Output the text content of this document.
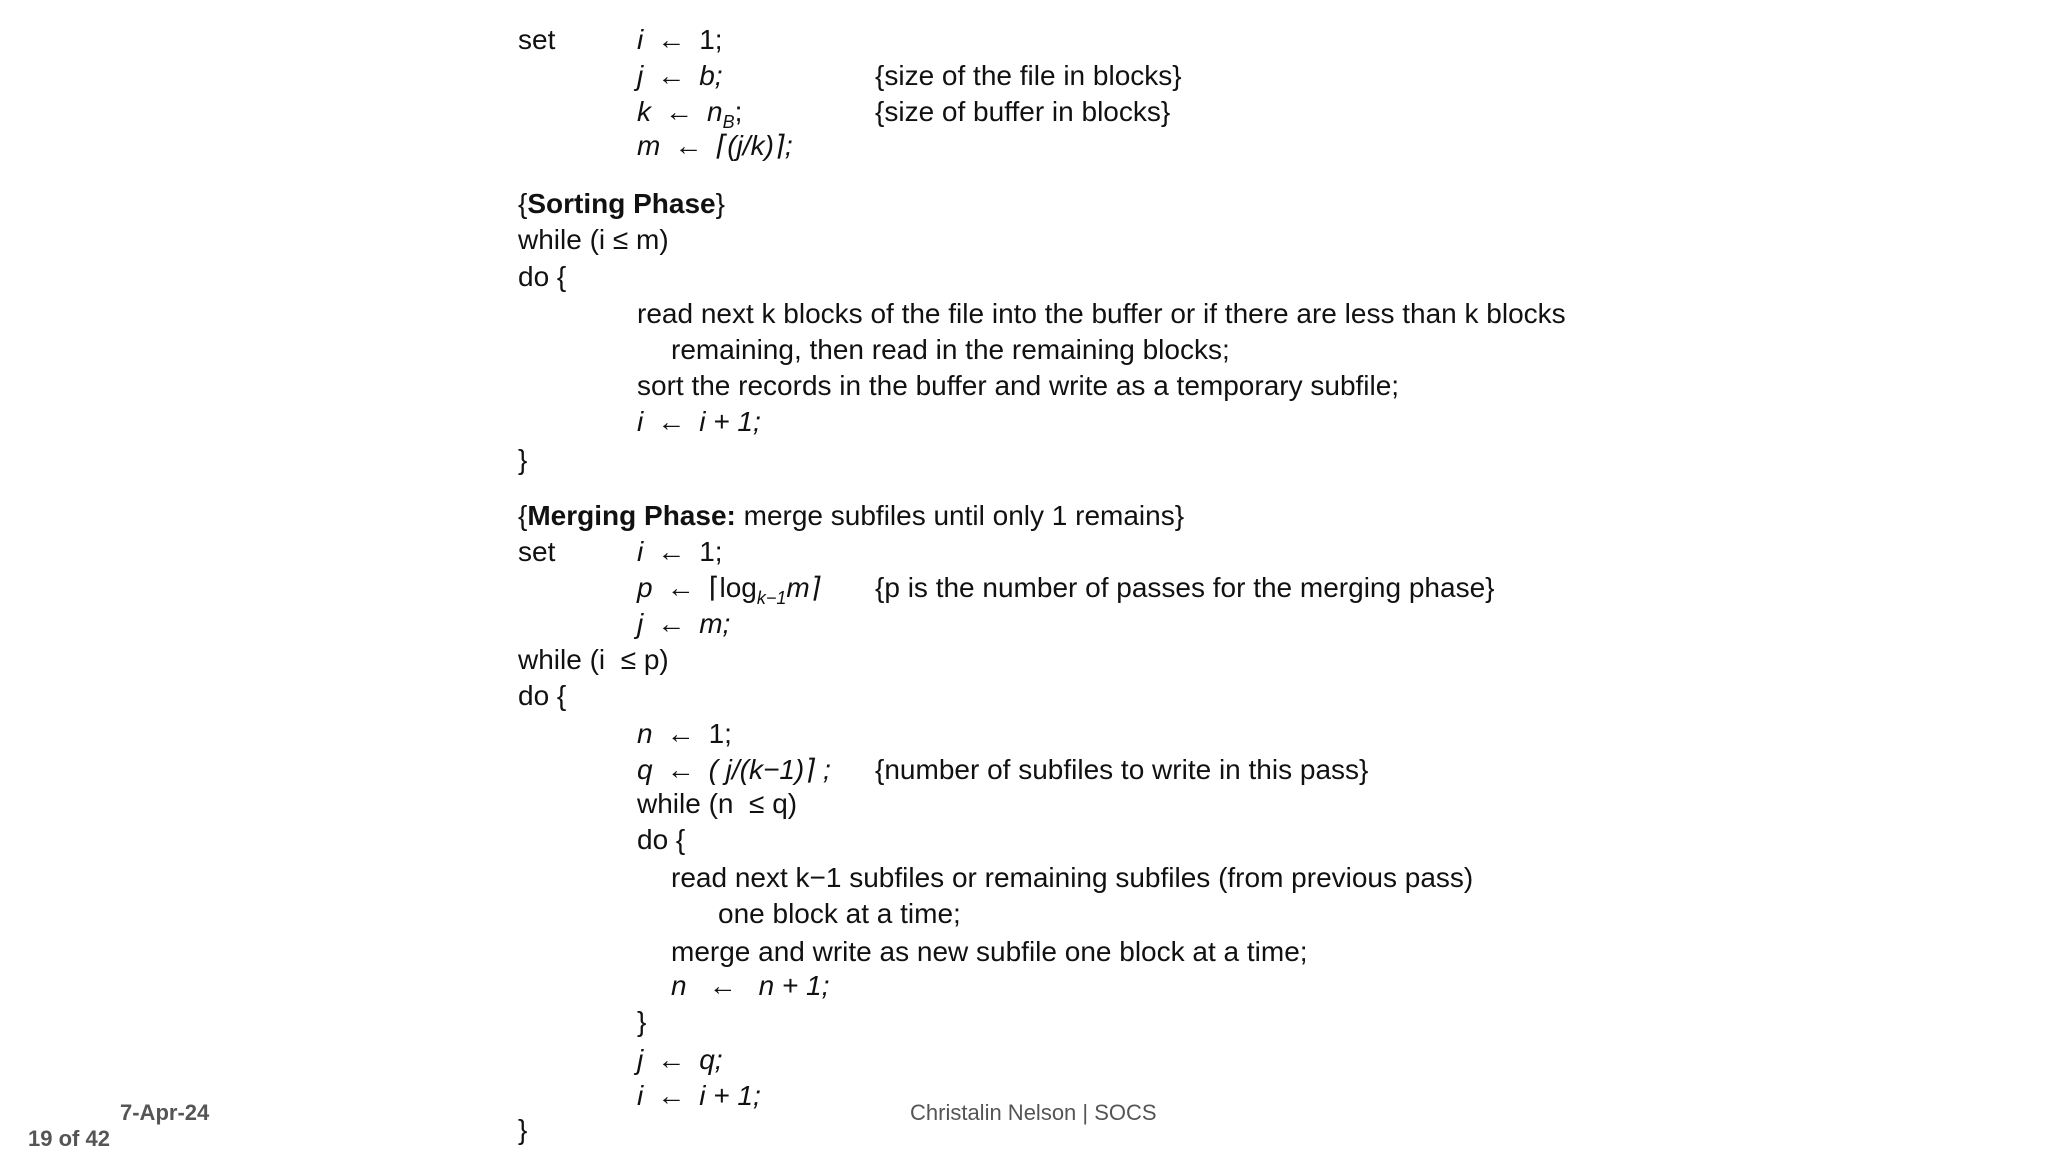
set	i ← 1;
j ← b;	{size of the file in blocks}
k ← $n_B$;	{size of buffer in blocks}
m ← ⌈(j/k)⌉;
{Sorting Phase}
while (i ≤ m)
do {
read next k blocks of the file into the buffer or if there are less than k blocks
remaining, then read in the remaining blocks;
sort the records in the buffer and write as a temporary subfile;
i ← i + 1;
}
{Merging Phase: merge subfiles until only 1 remains}
set	i ← 1;
p ← $⌈\log_{k-1}m⌉$ {p is the number of passes for the merging phase}
j ← m;
while (i  ≤ p)
do {
n ← 1;
q ← ( j/(k−1)⌉ ; {number of subfiles to write in this pass}
while (n  ≤ q)
do {
read next k−1 subfiles or remaining subfiles (from previous pass)
one block at a time;
merge and write as new subfile one block at a time;
n ← n + 1;
}
j ← q;
i ← i + 1;
}
7-Apr-24	Christalin Nelson | SOCS
19 of 42
